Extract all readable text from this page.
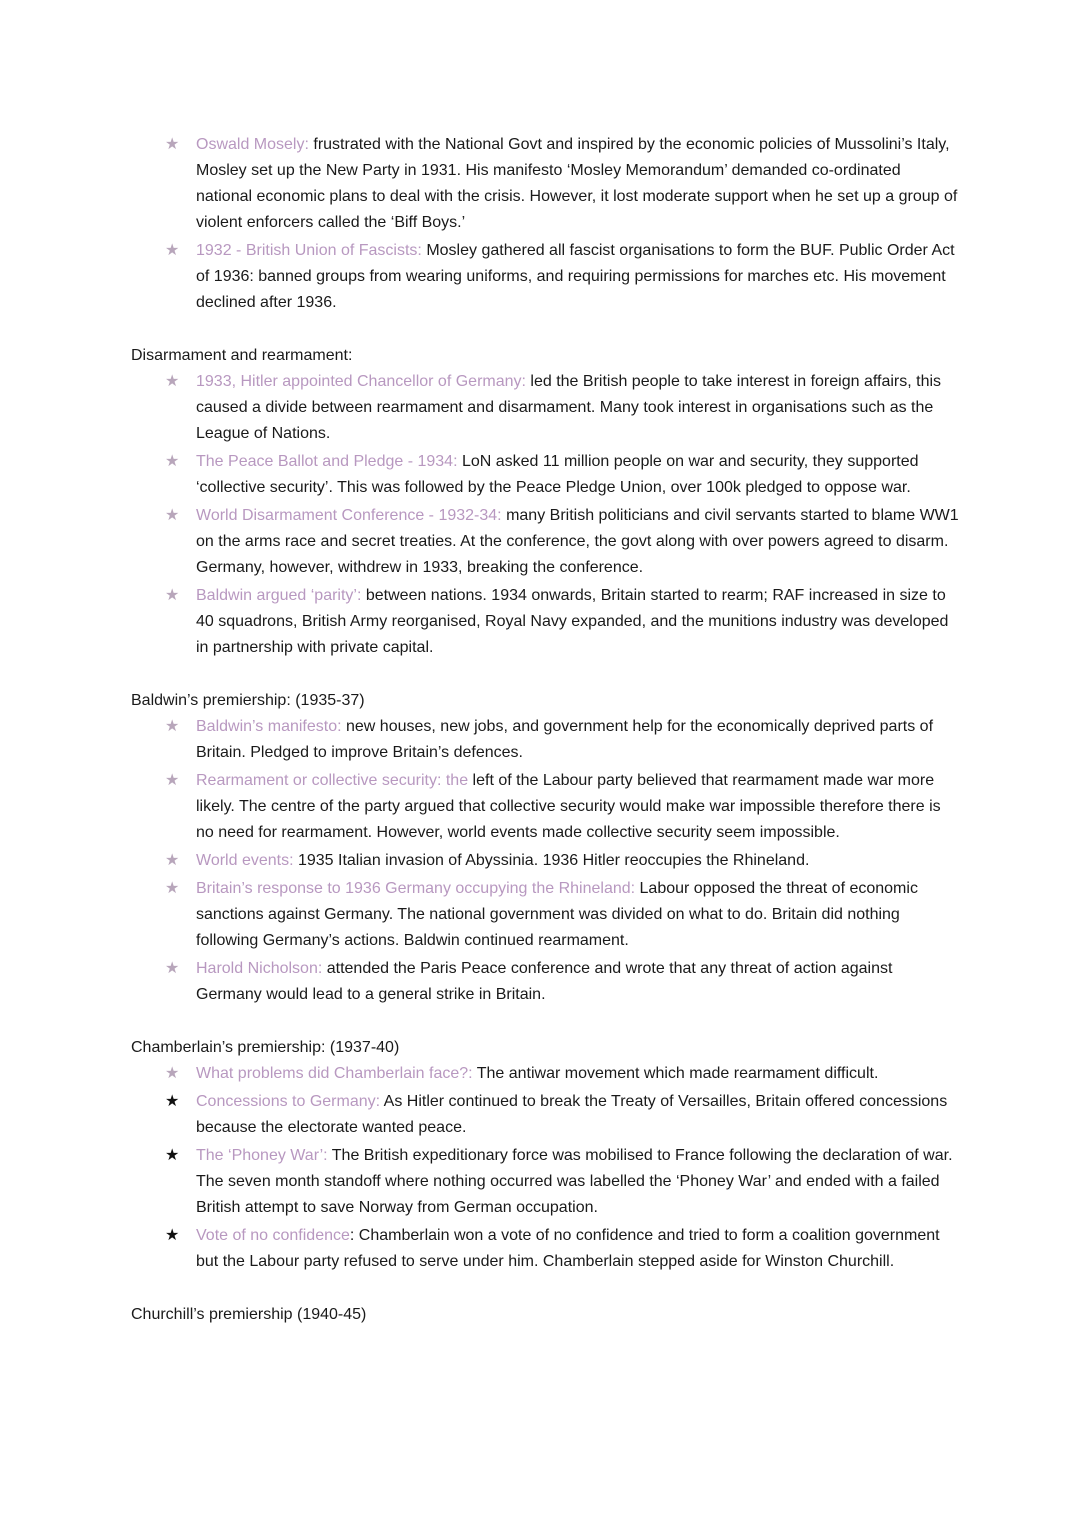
★ Oswald Mosely: frustrated with the National Govt and inspired by the economic policies of Mussolini’s Italy, Mosley set up the New Party in 1931. His manifesto ‘Mosley Memorandum’ demanded co-ordinated national economic plans to deal with the crisis. However, it lost moderate support when he set up a group of violent enforcers called the ‘Biff Boys.’
★ 1932 - British Union of Fascists: Mosley gathered all fascist organisations to form the BUF. Public Order Act of 1936: banned groups from wearing uniforms, and requiring permissions for marches etc. His movement declined after 1936.
Disarmament and rearmament:
★ 1933, Hitler appointed Chancellor of Germany: led the British people to take interest in foreign affairs, this caused a divide between rearmament and disarmament. Many took interest in organisations such as the League of Nations.
★ The Peace Ballot and Pledge - 1934: LoN asked 11 million people on war and security, they supported ‘collective security’. This was followed by the Peace Pledge Union, over 100k pledged to oppose war.
★ World Disarmament Conference - 1932-34: many British politicians and civil servants started to blame WW1 on the arms race and secret treaties. At the conference, the govt along with over powers agreed to disarm. Germany, however, withdrew in 1933, breaking the conference.
★ Baldwin argued ‘parity’: between nations. 1934 onwards, Britain started to rearm; RAF increased in size to 40 squadrons, British Army reorganised, Royal Navy expanded, and the munitions industry was developed in partnership with private capital.
Baldwin’s premiership: (1935-37)
★ Baldwin’s manifesto: new houses, new jobs, and government help for the economically deprived parts of Britain. Pledged to improve Britain’s defences.
★ Rearmament or collective security: the left of the Labour party believed that rearmament made war more likely. The centre of the party argued that collective security would make war impossible therefore there is no need for rearmament. However, world events made collective security seem impossible.
★ World events: 1935 Italian invasion of Abyssinia. 1936 Hitler reoccupies the Rhineland.
★ Britain’s response to 1936 Germany occupying the Rhineland: Labour opposed the threat of economic sanctions against Germany. The national government was divided on what to do. Britain did nothing following Germany’s actions. Baldwin continued rearmament.
★ Harold Nicholson: attended the Paris Peace conference and wrote that any threat of action against Germany would lead to a general strike in Britain.
Chamberlain’s premiership: (1937-40)
★ What problems did Chamberlain face?: The antiwar movement which made rearmament difficult.
★ Concessions to Germany: As Hitler continued to break the Treaty of Versailles, Britain offered concessions because the electorate wanted peace.
★ The ‘Phoney War’: The British expeditionary force was mobilised to France following the declaration of war. The seven month standoff where nothing occurred was labelled the ‘Phoney War’ and ended with a failed British attempt to save Norway from German occupation.
★ Vote of no confidence: Chamberlain won a vote of no confidence and tried to form a coalition government but the Labour party refused to serve under him. Chamberlain stepped aside for Winston Churchill.
Churchill’s premiership (1940-45)
